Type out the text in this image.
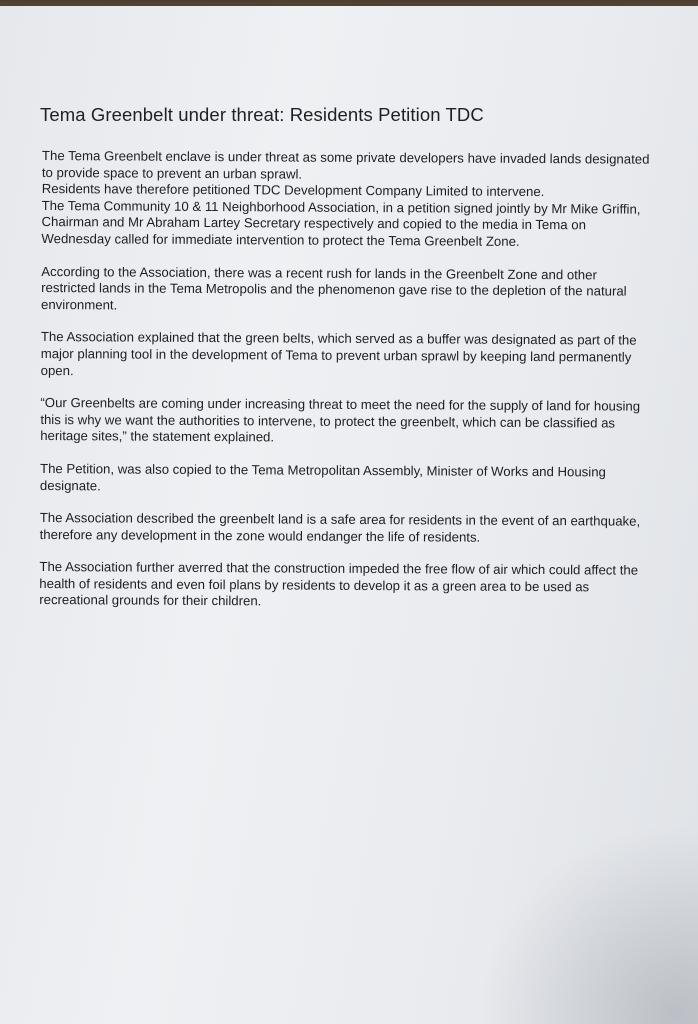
Tema Greenbelt under threat: Residents Petition TDC

The Tema Greenbelt enclave is under threat as some private developers have invaded lands designated to provide space to prevent an urban sprawl.

Residents have therefore petitioned TDC Development Company Limited to intervene.

The Tema Community 10 & 11 Neighborhood Association, in a petition signed jointly by Mr Mike Griffin, Chairman and Mr Abraham Lartey Secretary respectively and copied to the media in Tema on Wednesday called for immediate intervention to protect the Tema Greenbelt Zone.

According to the Association, there was a recent rush for lands in the Greenbelt Zone and other restricted lands in the Tema Metropolis and the phenomenon gave rise to the depletion of the natural environment.

The Association explained that the green belts, which served as a buffer was designated as part of the major planning tool in the development of Tema to prevent urban sprawl by keeping land permanently open.

“Our Greenbelts are coming under increasing threat to meet the need for the supply of land for housing this is why we want the authorities to intervene, to protect the greenbelt, which can be classified as heritage sites,” the statement explained.

The Petition, was also copied to the Tema Metropolitan Assembly, Minister of Works and Housing designate.

The Association described the greenbelt land is a safe area for residents in the event of an earthquake, therefore any development in the zone would endanger the life of residents.

The Association further averred that the construction impeded the free flow of air which could affect the health of residents and even foil plans by residents to develop it as a green area to be used as recreational grounds for their children.
